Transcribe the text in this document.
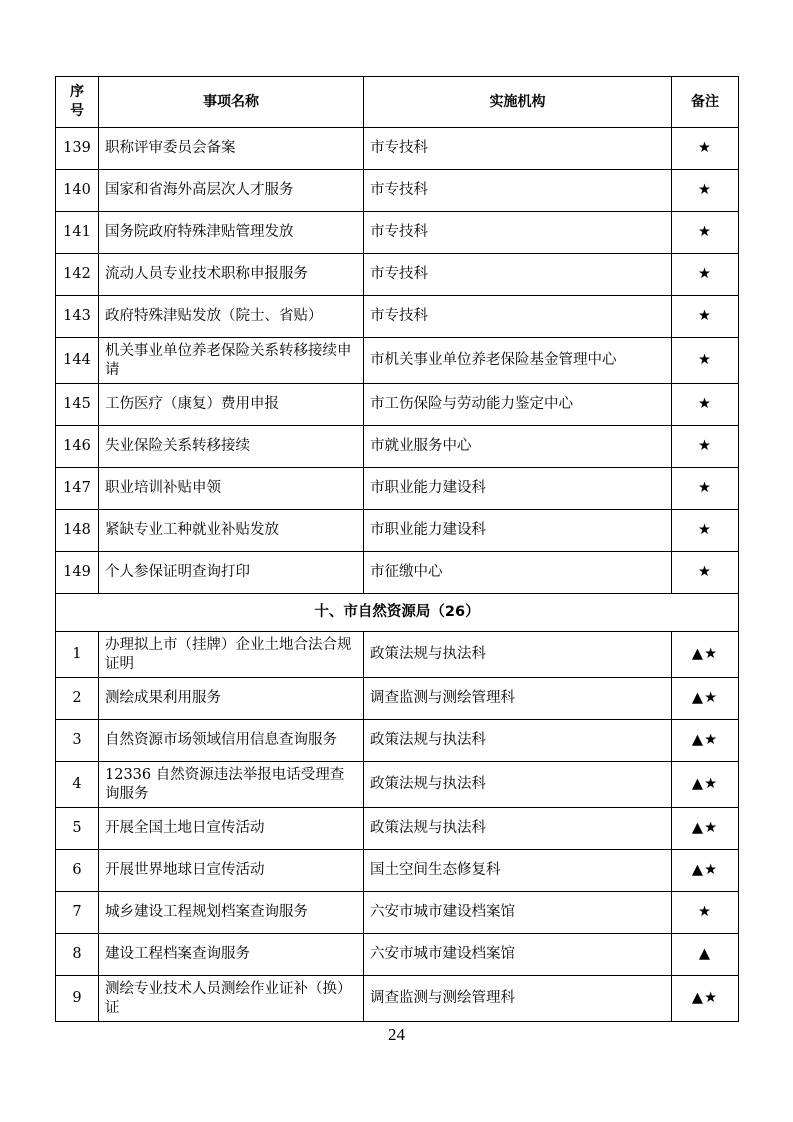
序号	事项名称	实施机构	备注
139	职称评审委员会备案	市专技科	★
140	国家和省海外高层次人才服务	市专技科	★
141	国务院政府特殊津贴管理发放	市专技科	★
142	流动人员专业技术职称申报服务	市专技科	★
143	政府特殊津贴发放（院士、省贴）	市专技科	★
144	机关事业单位养老保险关系转移接续申请	市机关事业单位养老保险基金管理中心	★
145	工伤医疗（康复）费用申报	市工伤保险与劳动能力鉴定中心	★
146	失业保险关系转移接续	市就业服务中心	★
147	职业培训补贴申领	市职业能力建设科	★
148	紧缺专业工种就业补贴发放	市职业能力建设科	★
149	个人参保证明查询打印	市征缴中心	★
十、市自然资源局（26）			
1	办理拟上市（挂牌）企业土地合法合规证明	政策法规与执法科	▲★
2	测绘成果利用服务	调查监测与测绘管理科	▲★
3	自然资源市场领域信用信息查询服务	政策法规与执法科	▲★
4	12336 自然资源违法举报电话受理查询服务	政策法规与执法科	▲★
5	开展全国土地日宣传活动	政策法规与执法科	▲★
6	开展世界地球日宣传活动	国土空间生态修复科	▲★
7	城乡建设工程规划档案查询服务	六安市城市建设档案馆	★
8	建设工程档案查询服务	六安市城市建设档案馆	▲
9	测绘专业技术人员测绘作业证补（换）证	调查监测与测绘管理科	▲★
24
